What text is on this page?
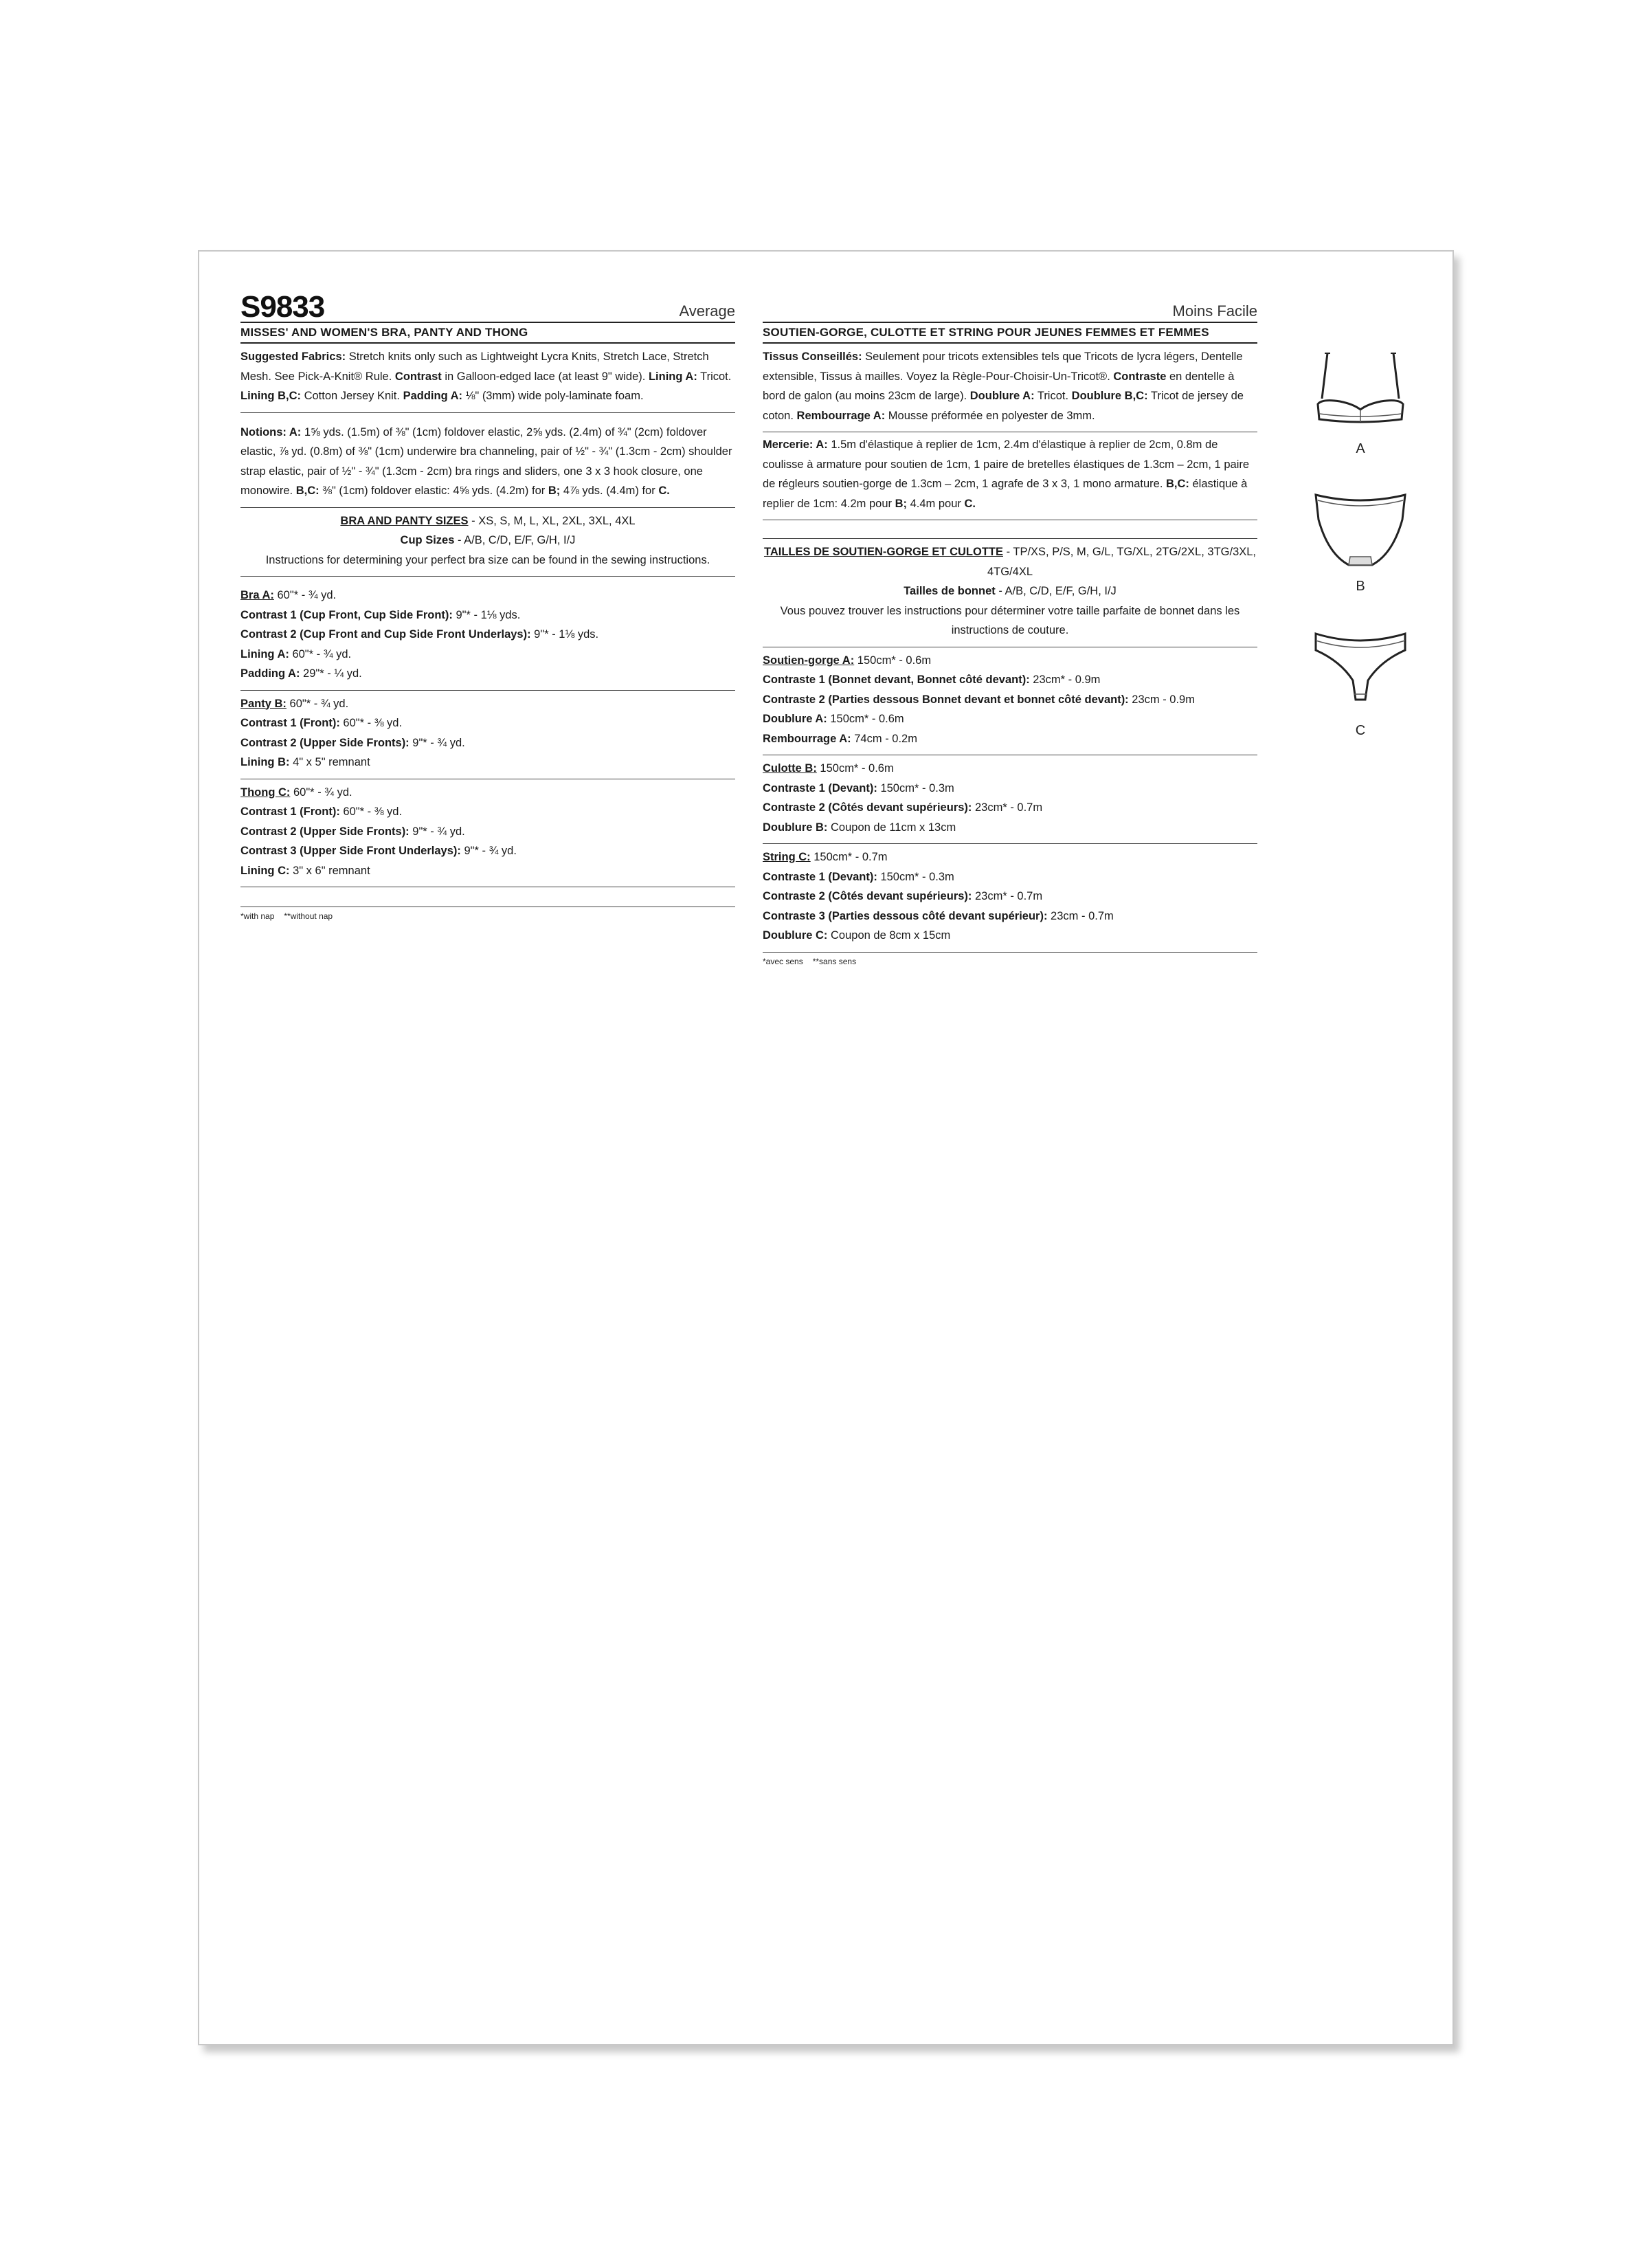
S9833	Average
MISSES' AND WOMEN'S BRA, PANTY AND THONG
Suggested Fabrics: Stretch knits only such as Lightweight Lycra Knits, Stretch Lace, Stretch Mesh. See Pick-A-Knit® Rule. Contrast in Galloon-edged lace (at least 9" wide). Lining A: Tricot. Lining B,C: Cotton Jersey Knit. Padding A: ⅛" (3mm) wide poly-laminate foam.
Notions: A: 1⅝ yds. (1.5m) of ⅜" (1cm) foldover elastic, 2⅝ yds. (2.4m) of ¾" (2cm) foldover elastic, ⅞ yd. (0.8m) of ⅜" (1cm) underwire bra channeling, pair of ½" - ¾" (1.3cm - 2cm) shoulder strap elastic, pair of ½" - ¾" (1.3cm - 2cm) bra rings and sliders, one 3 x 3 hook closure, one monowire. B,C: ⅜" (1cm) foldover elastic: 4⅝ yds. (4.2m) for B; 4⅞ yds. (4.4m) for C.
BRA AND PANTY SIZES - XS, S, M, L, XL, 2XL, 3XL, 4XL
Cup Sizes - A/B, C/D, E/F, G/H, I/J
Instructions for determining your perfect bra size can be found in the sewing instructions.
Bra A: 60"* - ¾ yd.
Contrast 1 (Cup Front, Cup Side Front): 9"* - 1⅛ yds.
Contrast 2 (Cup Front and Cup Side Front Underlays): 9"* - 1⅛ yds.
Lining A: 60"* - ¾ yd.
Padding A: 29"* - ¼ yd.
Panty B: 60"* - ¾ yd.
Contrast 1 (Front): 60"* - ⅜ yd.
Contrast 2 (Upper Side Fronts): 9"* - ¾ yd.
Lining B: 4" x 5" remnant
Thong C: 60"* - ¾ yd.
Contrast 1 (Front): 60"* - ⅜ yd.
Contrast 2 (Upper Side Fronts): 9"* - ¾ yd.
Contrast 3 (Upper Side Front Underlays): 9"* - ¾ yd.
Lining C: 3" x 6" remnant
*with nap **without nap
Moins Facile
SOUTIEN-GORGE, CULOTTE ET STRING POUR JEUNES FEMMES ET FEMMES
Tissus Conseillés: Seulement pour tricots extensibles tels que Tricots de lycra légers, Dentelle extensible, Tissus à mailles. Voyez la Règle-Pour-Choisir-Un-Tricot®. Contraste en dentelle à bord de galon (au moins 23cm de large). Doublure A: Tricot. Doublure B,C: Tricot de jersey de coton. Rembourrage A: Mousse préformée en polyester de 3mm.
Mercerie: A: 1.5m d'élastique à replier de 1cm, 2.4m d'élastique à replier de 2cm, 0.8m de coulisse à armature pour soutien de 1cm, 1 paire de bretelles élastiques de 1.3cm – 2cm, 1 paire de régleurs soutien-gorge de 1.3cm – 2cm, 1 agrafe de 3 x 3, 1 mono armature. B,C: élastique à replier de 1cm: 4.2m pour B; 4.4m pour C.
TAILLES DE SOUTIEN-GORGE ET CULOTTE - TP/XS, P/S, M, G/L, TG/XL, 2TG/2XL, 3TG/3XL, 4TG/4XL
Tailles de bonnet - A/B, C/D, E/F, G/H, I/J
Vous pouvez trouver les instructions pour déterminer votre taille parfaite de bonnet dans les instructions de couture.
Soutien-gorge A: 150cm* - 0.6m
Contraste 1 (Bonnet devant, Bonnet côté devant): 23cm* - 0.9m
Contraste 2 (Parties dessous Bonnet devant et bonnet côté devant): 23cm - 0.9m
Doublure A: 150cm* - 0.6m
Rembourrage A: 74cm - 0.2m
Culotte B: 150cm* - 0.6m
Contraste 1 (Devant): 150cm* - 0.3m
Contraste 2 (Côtés devant supérieurs): 23cm* - 0.7m
Doublure B: Coupon de 11cm x 13cm
String C: 150cm* - 0.7m
Contraste 1 (Devant): 150cm* - 0.3m
Contraste 2 (Côtés devant supérieurs): 23cm* - 0.7m
Contraste 3 (Parties dessous côté devant supérieur): 23cm - 0.7m
Doublure C: Coupon de 8cm x 15cm
*avec sens **sans sens
A
B
C
